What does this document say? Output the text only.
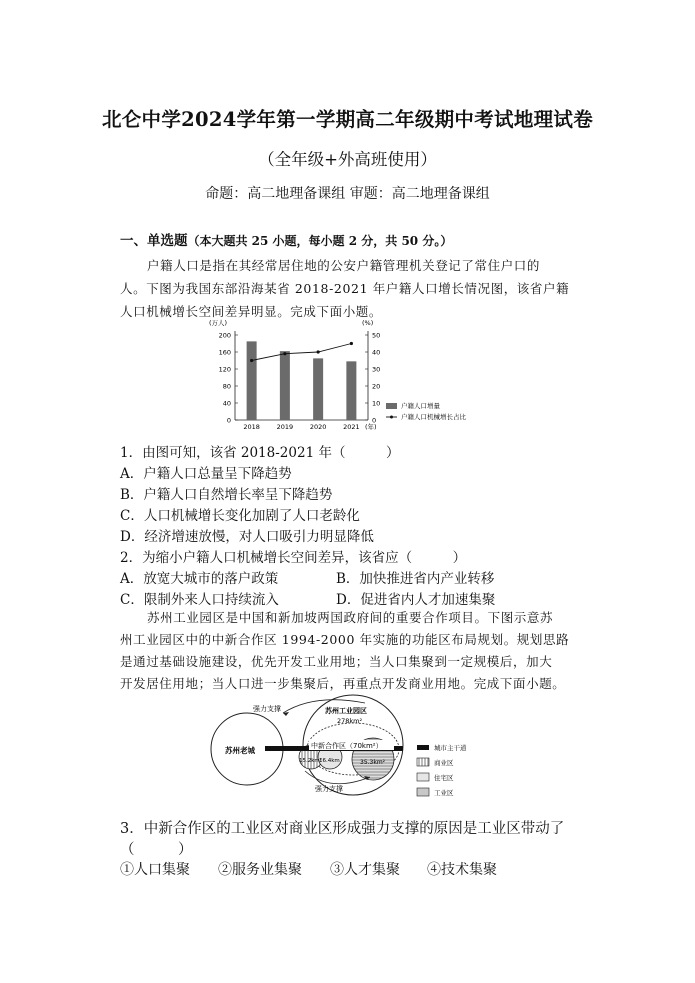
北仑中学2024学年第一学期高二年级期中考试地理试卷
（全年级+外高班使用）
命题：高二地理备课组 审题：高二地理备课组
一、单选题（本大题共 25 小题，每小题 2 分，共 50 分。）
户籍人口是指在其经常居住地的公安户籍管理机关登记了常住户口的
人。下图为我国东部沿海某省 2018-2021 年户籍人口增长情况图，该省户籍
人口机械增长空间差异明显。完成下面小题。
(万人)	(%)
0
40
80
120
160
200
0
10
20
30
40
50
2018	2019	2020	2021 (年)
户籍人口增量
户籍人口机械增长占比
1．由图可知，该省 2018-2021 年（　　　）
A．户籍人口总量呈下降趋势
B．户籍人口自然增长率呈下降趋势
C．人口机械增长变化加剧了人口老龄化
D．经济增速放慢，对人口吸引力明显降低
2．为缩小户籍人口机械增长空间差异，该省应（　　　）
A．放宽大城市的落户政策	B．加快推进省内产业转移
C．限制外来人口持续流入	D．促进省内人才加速集聚
苏州工业园区是中国和新加坡两国政府间的重要合作项目。下图示意苏
州工业园区中的中新合作区 1994-2000 年实施的功能区布局规划。规划思路
是通过基础设施建设，优先开发工业用地；当人口集聚到一定规模后，加大
开发居住用地；当人口进一步集聚后，再重点开发商业用地。完成下面小题。
强力支撑
苏州老城
苏州工业园区
278km²
中新合作区（70km²）
15.2km²
16.4km	35.3km²
强力支撑
城市主干道
商业区
住宅区
工业区
3．中新合作区的工业区对商业区形成强力支撑的原因是工业区带动了
（　　　）
①人口集聚 ②服务业集聚 ③人才集聚 ④技术集聚
